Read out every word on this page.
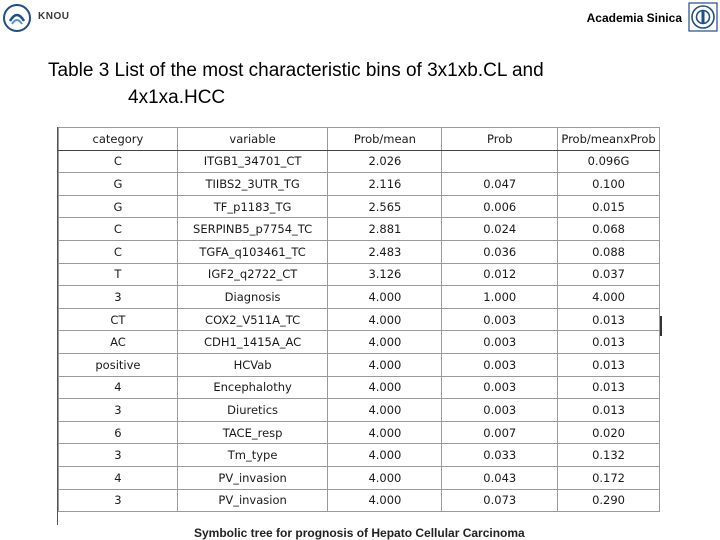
KNOU	Academia Sinica
Table 3 List of the most characteristic bins of 3x1xb.CL and
4x1xa.HCC
category	variable	Prob/mean	Prob	Prob/meanxProb
C	ITGB1_34701_CT	2.026		0.096G
G	TIIBS2_3UTR_TG	2.116	0.047	0.100
G	TF_p1183_TG	2.565	0.006	0.015
C	SERPINB5_p7754_TC	2.881	0.024	0.068
C	TGFA_q103461_TC	2.483	0.036	0.088
T	IGF2_q2722_CT	3.126	0.012	0.037
3	Diagnosis	4.000	1.000	4.000
CT	COX2_V511A_TC	4.000	0.003	0.013
AC	CDH1_1415A_AC	4.000	0.003	0.013
positive	HCVab	4.000	0.003	0.013
4	Encephalothy	4.000	0.003	0.013
3	Diuretics	4.000	0.003	0.013
6	TACE_resp	4.000	0.007	0.020
3	Tm_type	4.000	0.033	0.132
4	PV_invasion	4.000	0.043	0.172
3	PV_invasion	4.000	0.073	0.290
Symbolic tree for prognosis of Hepato Cellular Carcinoma
